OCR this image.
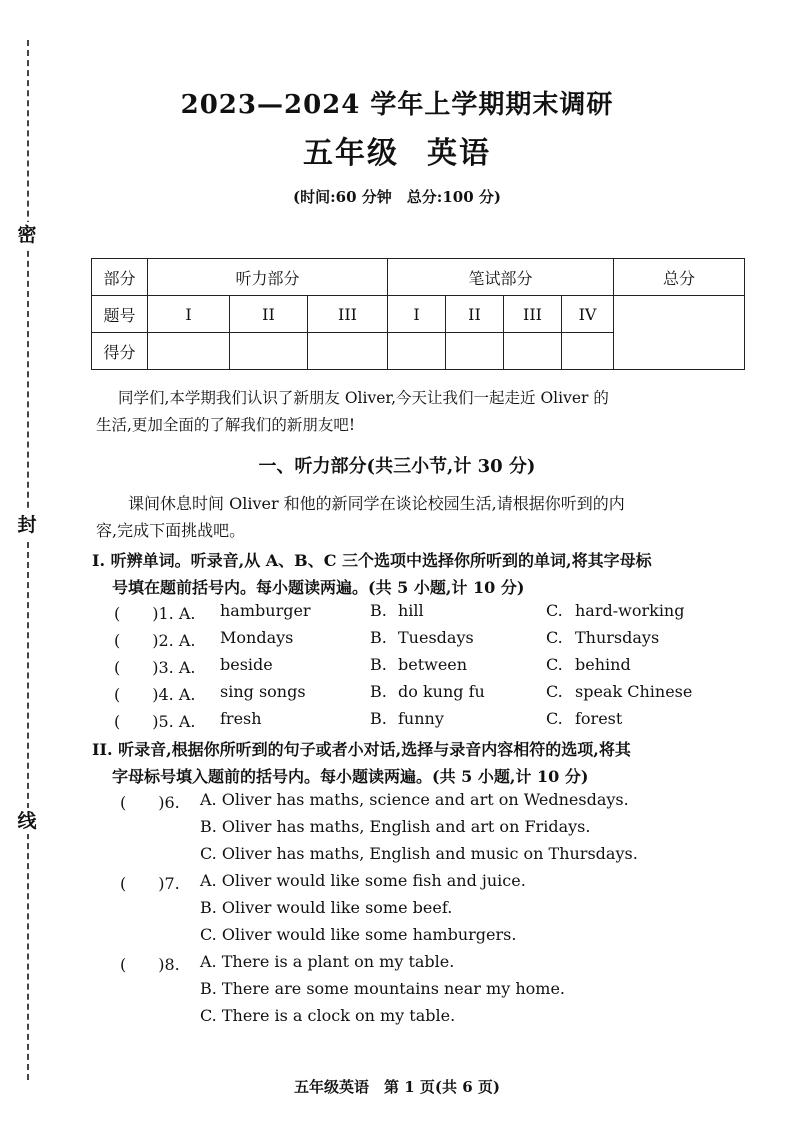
密
封
线
2023—2024 学年上学期期末调研
五年级 英语
(时间:60 分钟　总分:100 分)
部分	听力部分			笔试部分				总分
题号	I	II	III	I	II	III	IV	
得分								
同学们,本学期我们认识了新朋友 Oliver,今天让我们一起走近 Oliver 的
生活,更加全面的了解我们的新朋友吧!
一、听力部分(共三小节,计 30 分)
课间休息时间 Oliver 和他的新同学在谈论校园生活,请根据你听到的内
容,完成下面挑战吧。
I. 听辨单词。听录音,从 A、B、C 三个选项中选择你所听到的单词,将其字母标
号填在题前括号内。每小题读两遍。(共 5 小题,计 10 分)
(　　)1. A. hamburger	B. hill	C. hard-working
(　　)2. A. Mondays	B. Tuesdays	C. Thursdays
(　　)3. A. beside	B. between	C. behind
(　　)4. A. sing songs	B. do kung fu	C. speak Chinese
(　　)5. A. fresh	B. funny	C. forest
II. 听录音,根据你所听到的句子或者小对话,选择与录音内容相符的选项,将其
字母标号填入题前的括号内。每小题读两遍。(共 5 小题,计 10 分)
(　　)6. A. Oliver has maths, science and art on Wednesdays.
B. Oliver has maths, English and art on Fridays.
C. Oliver has maths, English and music on Thursdays.
(　　)7. A. Oliver would like some fish and juice.
B. Oliver would like some beef.
C. Oliver would like some hamburgers.
(　　)8. A. There is a plant on my table.
B. There are some mountains near my home.
C. There is a clock on my table.
五年级英语　第 1 页(共 6 页)
